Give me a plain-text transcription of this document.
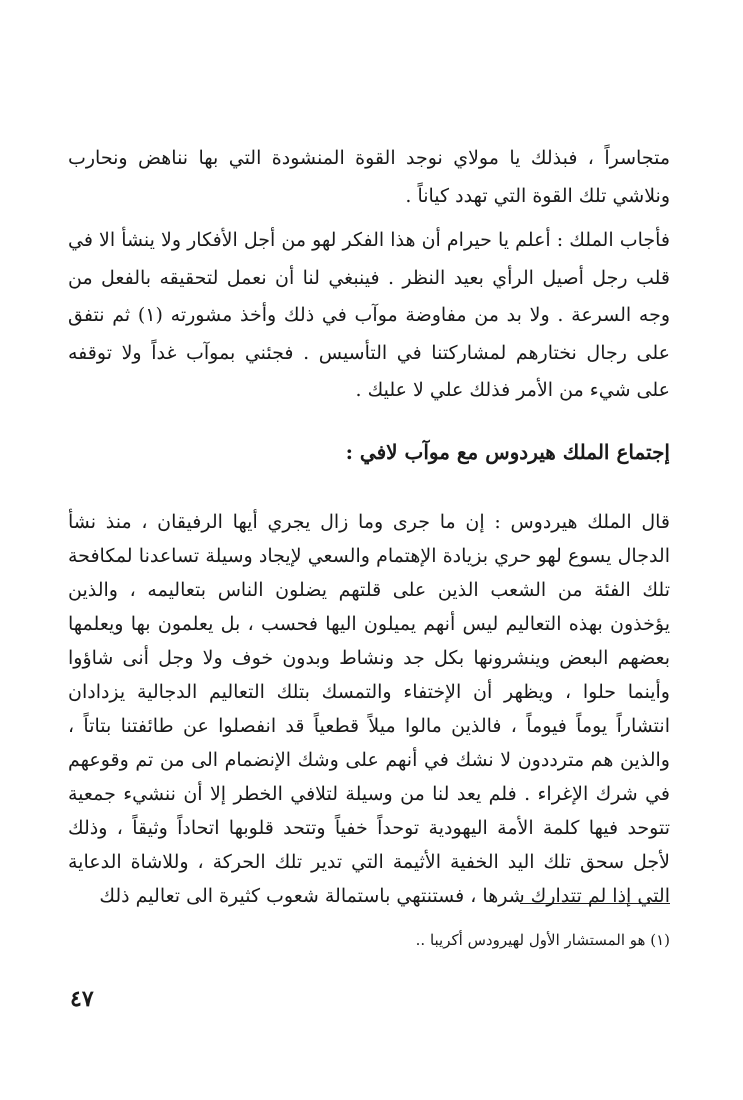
متجاسراً ، فبذلك يا مولاي نوجد القوة المنشودة التي بها نناهض ونحارب ونلاشي تلك القوة التي تهدد كياناً .

فأجاب الملك : أعلم يا حيرام أن هذا الفكر لهو من أجل الأفكار ولا ينشأ الا في قلب رجل أصيل الرأي بعيد النظر . فينبغي لنا أن نعمل لتحقيقه بالفعل من وجه السرعة . ولا بد من مفاوضة موآب في ذلك وأخذ مشورته (١) ثم نتفق على رجال نختارهم لمشاركتنا في التأسيس . فجئني بموآب غداً ولا توقفه على شيء من الأمر فذلك علي لا عليك .

إجتماع الملك هيردوس مع موآب لافي :

قال الملك هيردوس : إن ما جرى وما زال يجري أيها الرفيقان ، منذ نشأ الدجال يسوع لهو حري بزيادة الإهتمام والسعي لإيجاد وسيلة تساعدنا لمكافحة تلك الفئة من الشعب الذين على قلتهم يضلون الناس بتعاليمه ، والذين يؤخذون بهذه التعاليم ليس أنهم يميلون اليها فحسب ، بل يعلمون بها ويعلمها بعضهم البعض وينشرونها بكل جد ونشاط وبدون خوف ولا وجل أنى شاؤوا وأينما حلوا ، ويظهر أن الإختفاء والتمسك بتلك التعاليم الدجالية يزدادان انتشاراً يوماً فيوماً ، فالذين مالوا ميلاً قطعياً قد انفصلوا عن طائفتنا بتاتاً ، والذين هم مترددون لا نشك في أنهم على وشك الإنضمام الى من تم وقوعهم في شرك الإغراء . فلم يعد لنا من وسيلة لتلافي الخطر إلا أن ننشيء جمعية تتوحد فيها كلمة الأمة اليهودية توحداً خفياً وتتحد قلوبها اتحاداً وثيقاً ، وذلك لأجل سحق تلك اليد الخفية الأثيمة التي تدير تلك الحركة ، وللاشاة الدعاية التي إذا لم تتدارك شرها ، فستنتهي باستمالة شعوب كثيرة الى تعاليم ذلك

(١) هو المستشار الأول لهيرودس أكريبا ..

٤٧
